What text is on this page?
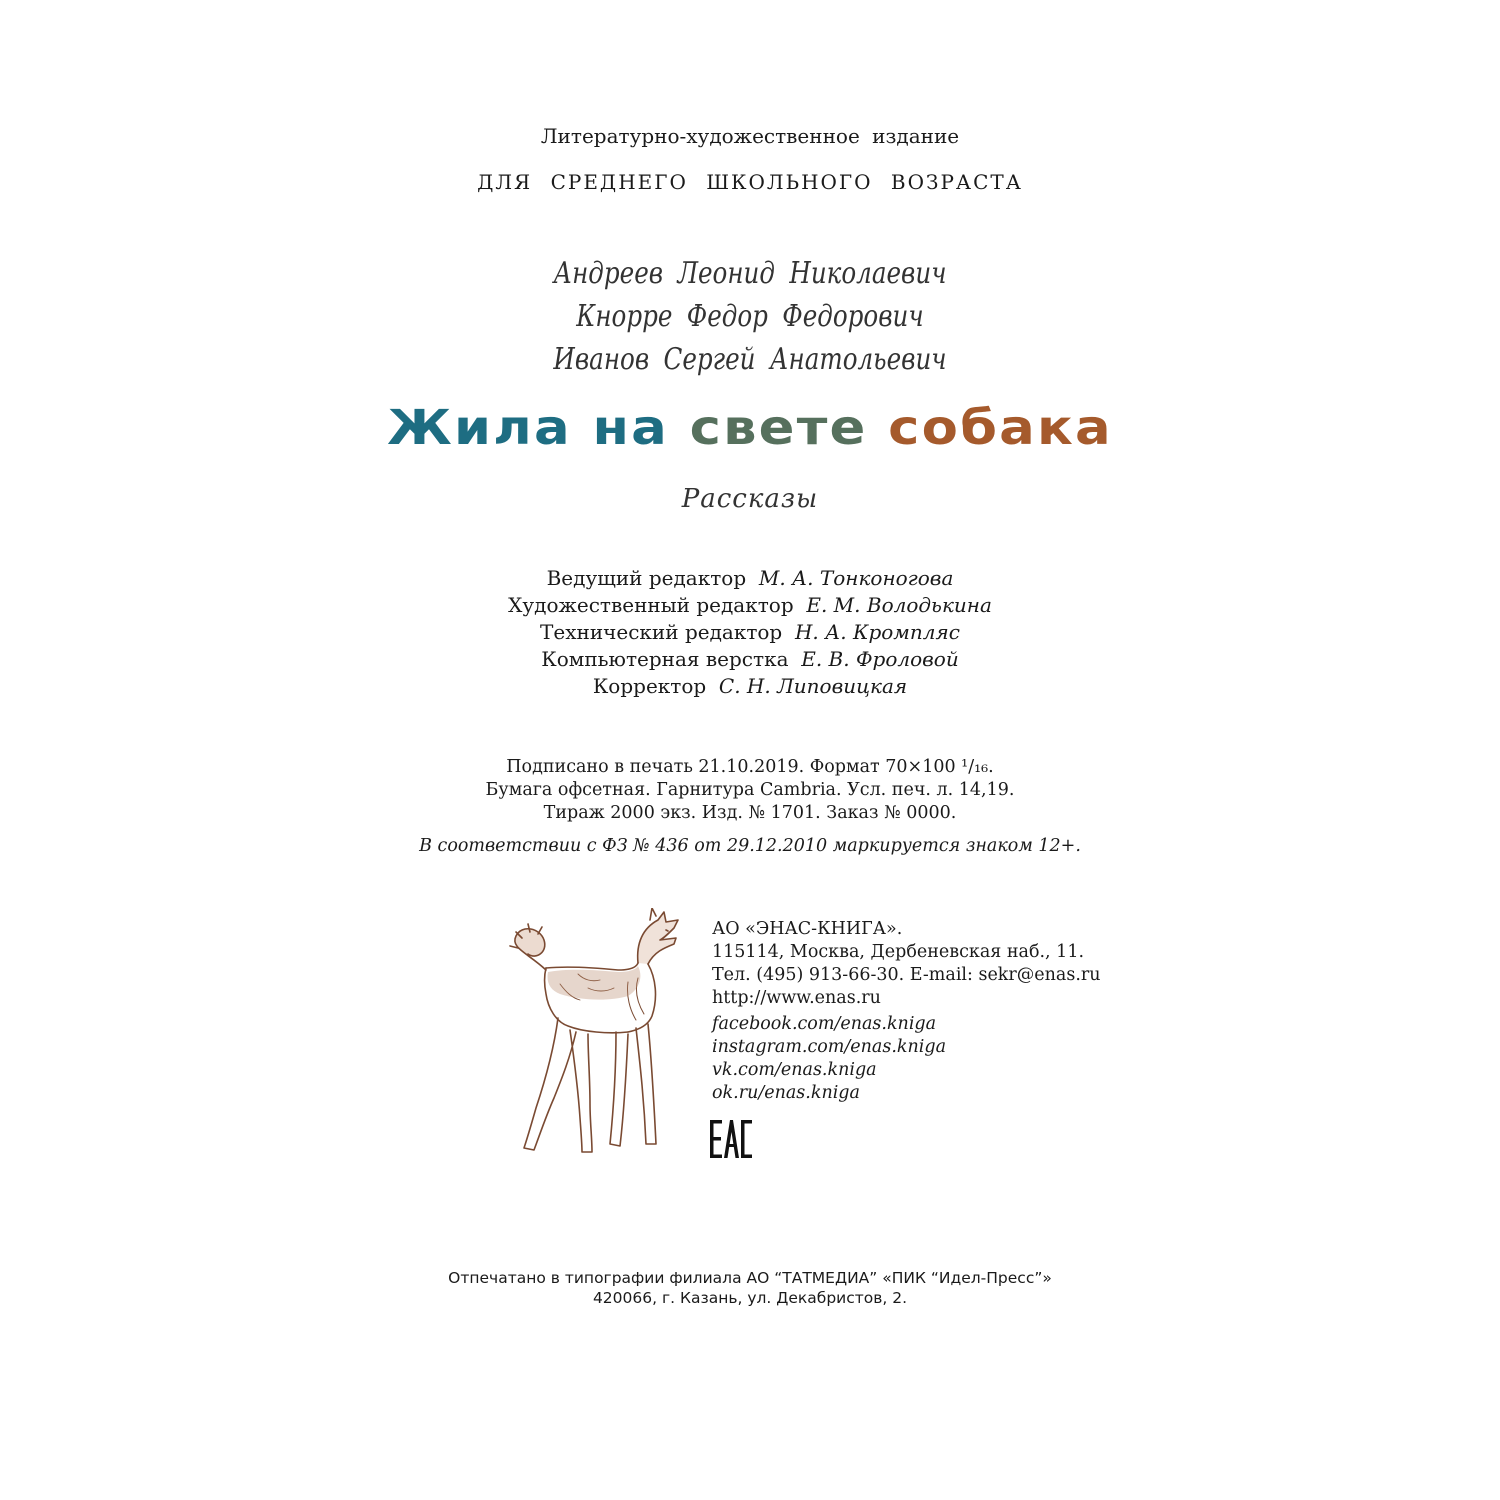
Литературно-художественное издание
ДЛЯ СРЕДНЕГО ШКОЛЬНОГО ВОЗРАСТА
Андреев Леонид Николаевич
Кнорре Федор Федорович
Иванов Сергей Анатольевич
Жила на свете собака
Рассказы
Ведущий редактор М. А. Тонконогова
Художественный редактор Е. М. Володькина
Технический редактор Н. А. Кромпляс
Компьютерная верстка Е. В. Фроловой
Корректор С. Н. Липовицкая
Подписано в печать 21.10.2019. Формат 70×100 ¹/₁₆.
Бумага офсетная. Гарнитура Cambria. Усл. печ. л. 14,19.
Тираж 2000 экз. Изд. № 1701. Заказ № 0000.
В соответствии с ФЗ № 436 от 29.12.2010 маркируется знаком 12+.
АО «ЭНАС-КНИГА».
115114, Москва, Дербеневская наб., 11.
Тел. (495) 913-66-30. E-mail: sekr@enas.ru
http://www.enas.ru
facebook.com/enas.kniga
instagram.com/enas.kniga
vk.com/enas.kniga
ok.ru/enas.kniga
Отпечатано в типографии филиала АО “ТАТМЕДИА” «ПИК “Идел-Пресс”»
420066, г. Казань, ул. Декабристов, 2.
